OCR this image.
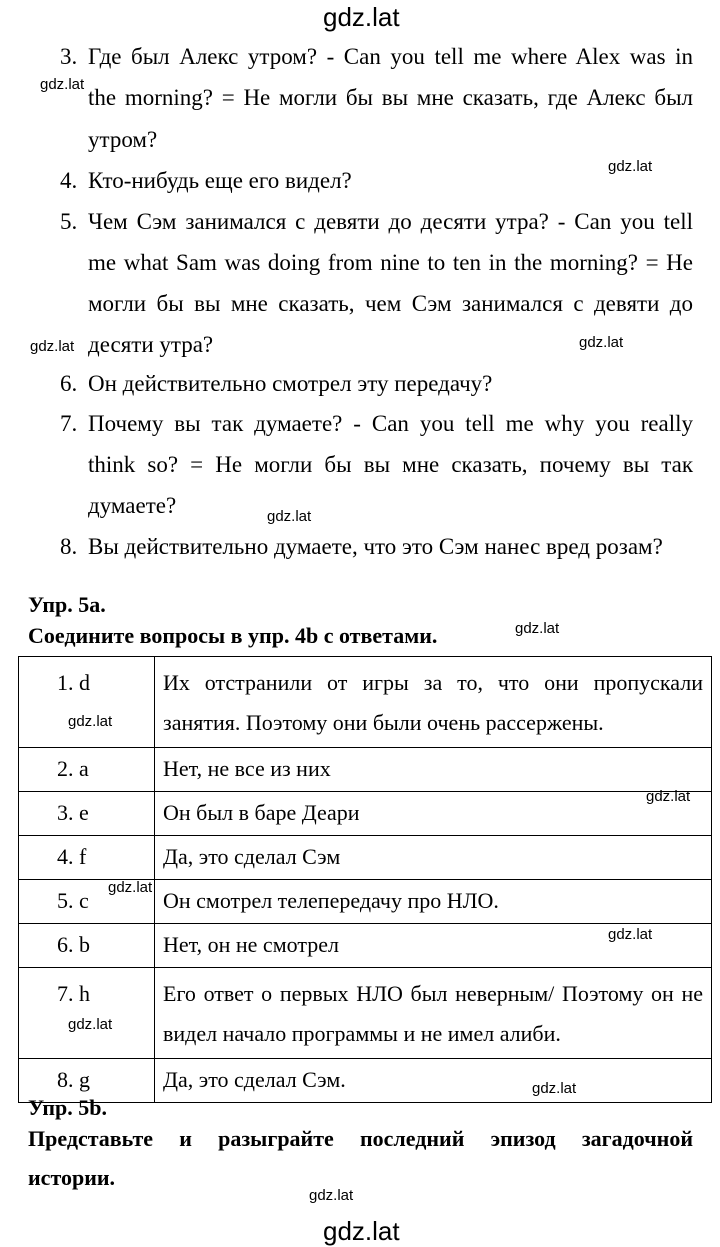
gdz.lat
gdz.lat
gdz.lat
gdz.lat	gdz.lat
gdz.lat
gdz.lat
gdz.lat
gdz.lat
gdz.lat
gdz.lat
gdz.lat
gdz.lat
gdz.lat
gdz.lat
3. Где был Алекс утром? - Can you tell me where Alex was in
the morning? = Не могли бы вы мне сказать, где Алекс был
утром?
4. Кто-нибудь еще его видел?
5. Чем Сэм занимался с девяти до десяти утра? - Can you tell
me what Sam was doing from nine to ten in the morning? = Не
могли бы вы мне сказать, чем Сэм занимался с девяти до
десяти утра?
6. Он действительно смотрел эту передачу?
7. Почему вы так думаете? - Can you tell me why you really
think so? = Не могли бы вы мне сказать, почему вы так
думаете?
8. Вы действительно думаете, что это Сэм нанес вред розам?
Упр. 5a.
Соедините вопросы в упр. 4b с ответами.
1. d	Их отстранили от игры за то, что они пропускали занятия. Поэтому они были очень рассержены.
2. a	Нет, не все из них
3. e	Он был в баре Деари
4. f	Да, это сделал Сэм
5. c	Он смотрел телепередачу про НЛО.
6. b	Нет, он не смотрел
7. h	Его ответ о первых НЛО был неверным/ Поэтому он не видел начало программы и не имел алиби.
8. g	Да, это сделал Сэм.
Упр. 5b.
Представьте и разыграйте последний эпизод загадочной
истории.
